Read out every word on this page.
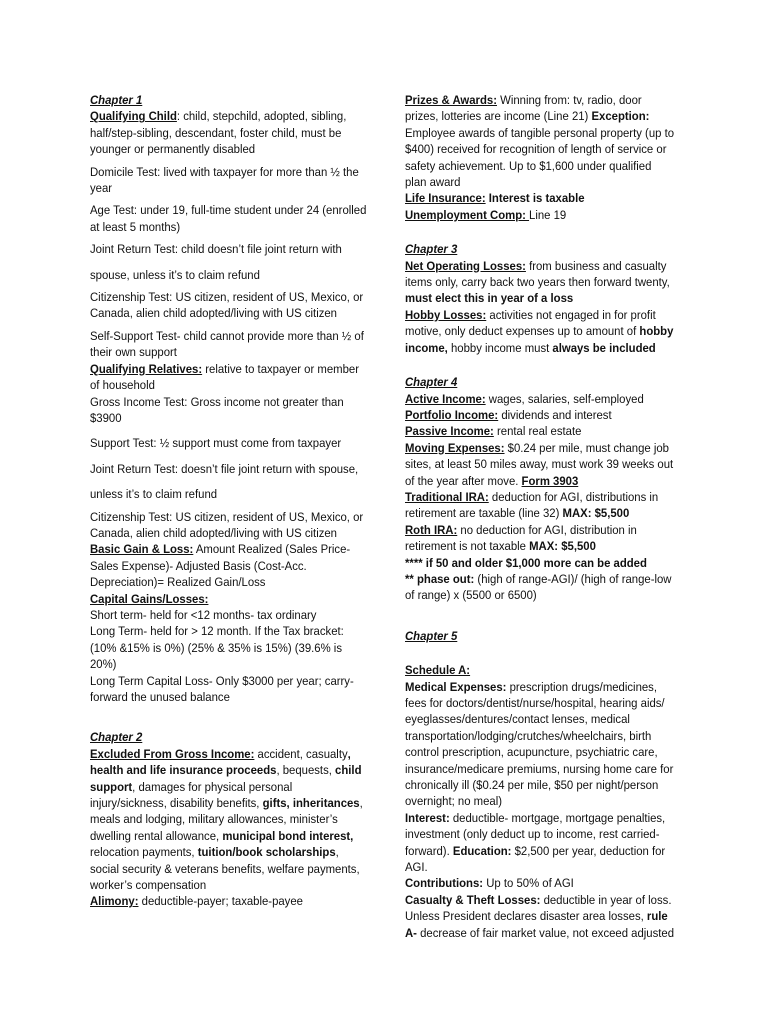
Chapter 1

Qualifying Child: child, stepchild, adopted, sibling, half/step-sibling, descendant, foster child, must be younger or permanently disabled

Domicile Test: lived with taxpayer for more than ½ the year

Age Test: under 19, full-time student under 24 (enrolled at least 5 months)

Joint Return Test: child doesn’t file joint return with

spouse, unless it’s to claim refund

Citizenship Test: US citizen, resident of US, Mexico, or Canada, alien child adopted/living with US citizen

Self-Support Test- child cannot provide more than ½ of their own support

Qualifying Relatives: relative to taxpayer or member of household

Gross Income Test: Gross income not greater than $3900

Support Test: ½ support must come from taxpayer

Joint Return Test: doesn’t file joint return with spouse,

unless it’s to claim refund

Citizenship Test: US citizen, resident of US, Mexico, or Canada, alien child adopted/living with US citizen

Basic Gain & Loss: Amount Realized (Sales Price-Sales Expense)- Adjusted Basis (Cost-Acc. Depreciation)= Realized Gain/Loss

Capital Gains/Losses:

Short term- held for <12 months- tax ordinary

Long Term- held for > 12 month. If the Tax bracket: (10% &15% is 0%) (25% & 35% is 15%) (39.6% is 20%)

Long Term Capital Loss- Only $3000 per year; carry-forward the unused balance

Chapter 2

Excluded From Gross Income: accident, casualty, health and life insurance proceeds, bequests, child support, damages for physical personal injury/sickness, disability benefits, gifts, inheritances, meals and lodging, military allowances, minister’s dwelling rental allowance, municipal bond interest, relocation payments, tuition/book scholarships, social security & veterans benefits, welfare payments, worker’s compensation

Alimony: deductible-payer; taxable-payee

Prizes & Awards: Winning from: tv, radio, door prizes, lotteries are income (Line 21) Exception: Employee awards of tangible personal property (up to $400) received for recognition of length of service or safety achievement. Up to $1,600 under qualified plan award

Life Insurance: Interest is taxable

Unemployment Comp: Line 19

Chapter 3

Net Operating Losses: from business and casualty items only, carry back two years then forward twenty, must elect this in year of a loss

Hobby Losses: activities not engaged in for profit motive, only deduct expenses up to amount of hobby income, hobby income must always be included

Chapter 4

Active Income: wages, salaries, self-employed

Portfolio Income: dividends and interest

Passive Income: rental real estate

Moving Expenses: $0.24 per mile, must change job sites, at least 50 miles away, must work 39 weeks out of the year after move. Form 3903

Traditional IRA: deduction for AGI, distributions in retirement are taxable (line 32) MAX: $5,500

Roth IRA: no deduction for AGI, distribution in retirement is not taxable MAX: $5,500

**** if 50 and older $1,000 more can be added

** phase out: (high of range-AGI)/ (high of range-low of range) x (5500 or 6500)

Chapter 5

Schedule A:

Medical Expenses: prescription drugs/medicines, fees for doctors/dentist/nurse/hospital, hearing aids/ eyeglasses/dentures/contact lenses, medical transportation/lodging/crutches/wheelchairs, birth control prescription, acupuncture, psychiatric care, insurance/medicare premiums, nursing home care for chronically ill ($0.24 per mile, $50 per night/person overnight; no meal)

Interest: deductible- mortgage, mortgage penalties, investment (only deduct up to income, rest carried-forward). Education: $2,500 per year, deduction for AGI.

Contributions: Up to 50% of AGI

Casualty & Theft Losses: deductible in year of loss. Unless President declares disaster area losses, rule A- decrease of fair market value, not exceed adjusted
